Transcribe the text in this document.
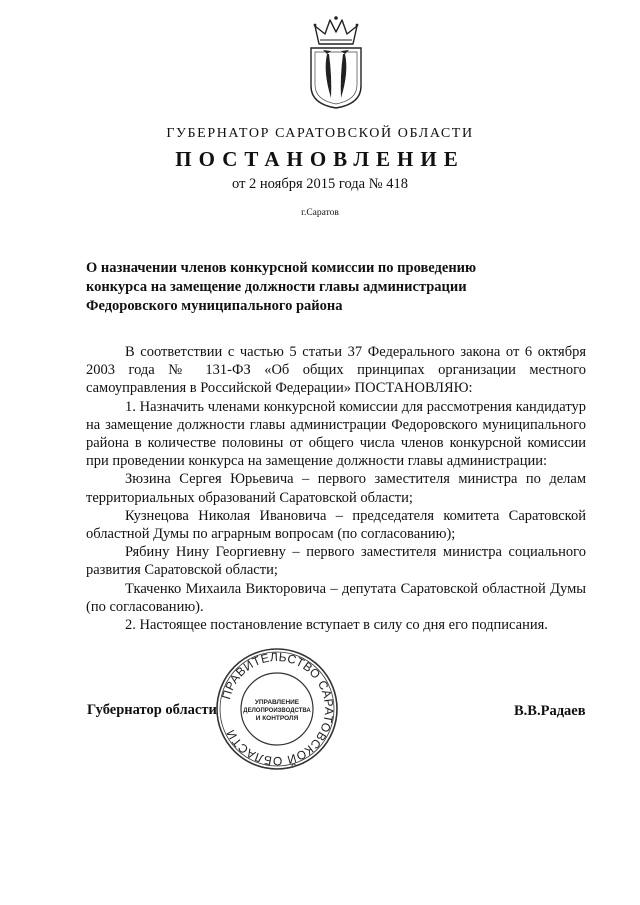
ГУБЕРНАТОР САРАТОВСКОЙ ОБЛАСТИ
ПОСТАНОВЛЕНИЕ
от 2 ноября 2015 года № 418
г.Саратов
О назначении членов конкурсной комиссии по проведению
конкурса на замещение должности главы администрации
Федоровского муниципального района

В соответствии с частью 5 статьи 37 Федерального закона от 6 октября 2003 года № 131-ФЗ «Об общих принципах организации местного самоуправления в Российской Федерации» ПОСТАНОВЛЯЮ:

1. Назначить членами конкурсной комиссии для рассмотрения кандидатур на замещение должности главы администрации Федоровского муниципального района в количестве половины от общего числа членов конкурсной комиссии при проведении конкурса на замещение должности главы администрации:

Зюзина Сергея Юрьевича – первого заместителя министра по делам территориальных образований Саратовской области;

Кузнецова Николая Ивановича – председателя комитета Саратовской областной Думы по аграрным вопросам (по согласованию);

Рябину Нину Георгиевну – первого заместителя министра социального развития Саратовской области;

Ткаченко Михаила Викторовича – депутата Саратовской областной Думы (по согласованию).

2. Настоящее постановление вступает в силу со дня его подписания.

Губернатор области	В.В.Радаев
ПРАВИТЕЛЬСТВО САРАТОВСКОЙ ОБЛАСТИ
УПРАВЛЕНИЕ
ДЕЛОПРОИЗВОДСТВА
И КОНТРОЛЯ
